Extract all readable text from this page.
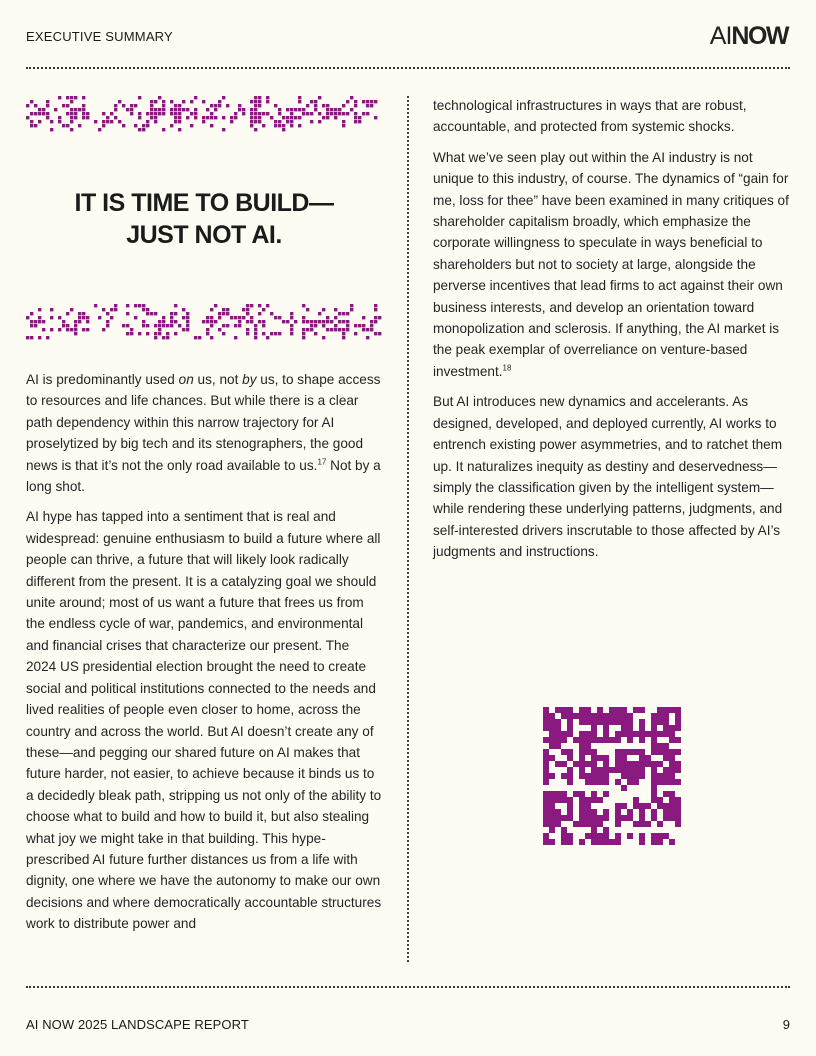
EXECUTIVE SUMMARY	AINOW
IT IS TIME TO BUILD—
JUST NOT AI.

AI is predominantly used on us, not by us, to shape access to resources and life chances. But while there is a clear path dependency within this narrow trajectory for AI proselytized by big tech and its stenographers, the good news is that it’s not the only road available to us.$^{17}$ Not by a long shot.

AI hype has tapped into a sentiment that is real and widespread: genuine enthusiasm to build a future where all people can thrive, a future that will likely look radically different from the present. It is a catalyzing goal we should unite around; most of us want a future that frees us from the endless cycle of war, pandemics, and environmental and financial crises that characterize our present. The 2024 US presidential election brought the need to create social and political institutions connected to the needs and lived realities of people even closer to home, across the country and across the world. But AI doesn’t create any of these—and pegging our shared future on AI makes that future harder, not easier, to achieve because it binds us to a decidedly bleak path, stripping us not only of the ability to choose what to build and how to build it, but also stealing what joy we might take in that building. This hype-prescribed AI future further distances us from a life with dignity, one where we have the autonomy to make our own decisions and where democratically accountable structures work to distribute power and

technological infrastructures in ways that are robust, accountable, and protected from systemic shocks.

What we’ve seen play out within the AI industry is not unique to this industry, of course. The dynamics of “gain for me, loss for thee” have been examined in many critiques of shareholder capitalism broadly, which emphasize the corporate willingness to speculate in ways beneficial to shareholders but not to society at large, alongside the perverse incentives that lead firms to act against their own business interests, and develop an orientation toward monopolization and sclerosis. If anything, the AI market is the peak exemplar of overreliance on venture-based investment.$^{18}$

But AI introduces new dynamics and accelerants. As designed, developed, and deployed currently, AI works to entrench existing power asymmetries, and to ratchet them up. It naturalizes inequity as destiny and deservedness—simply the classification given by the intelligent system—while rendering these underlying patterns, judgments, and self-interested drivers inscrutable to those affected by AI’s judgments and instructions.

AI NOW 2025 LANDSCAPE REPORT	9
